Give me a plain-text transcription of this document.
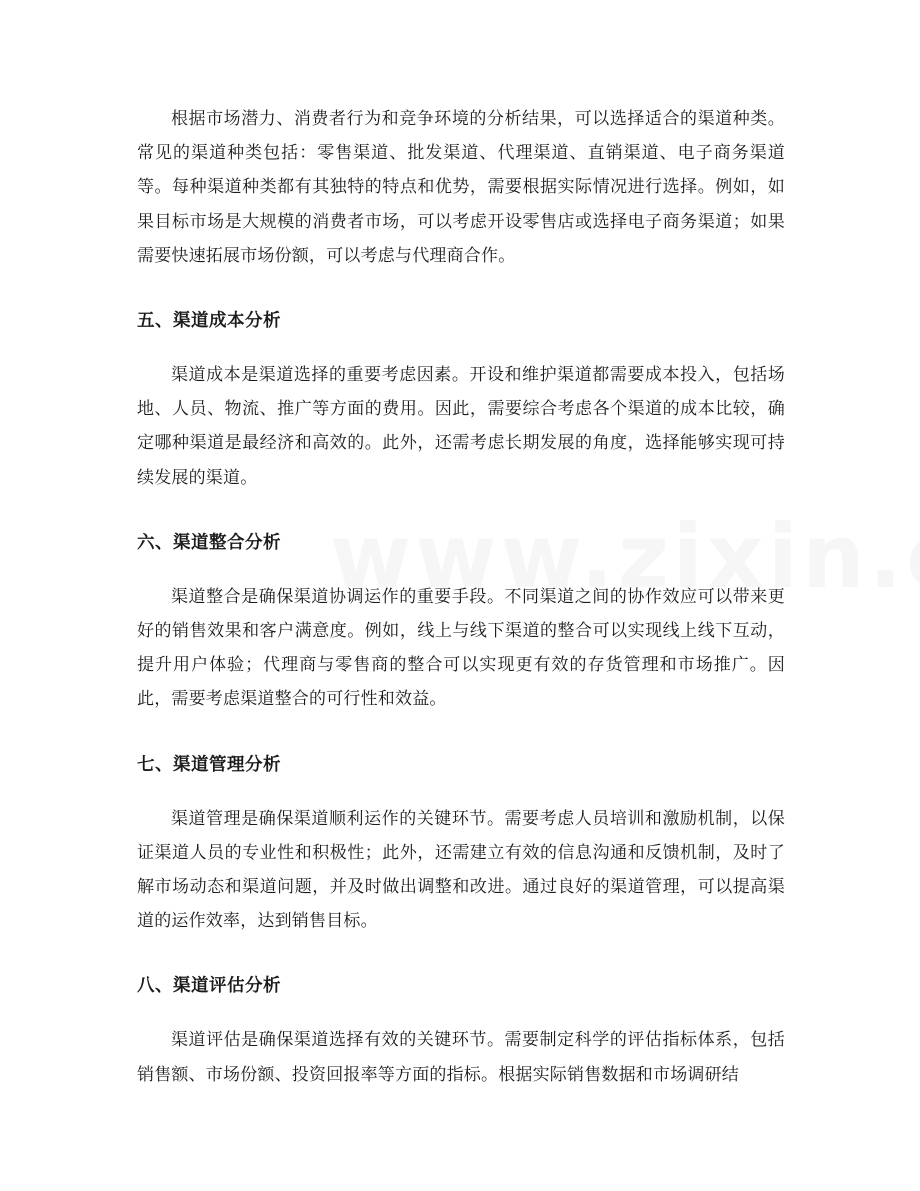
根据市场潜力、消费者行为和竞争环境的分析结果，可以选择适合的渠道种类。常见的渠道种类包括：零售渠道、批发渠道、代理渠道、直销渠道、电子商务渠道等。每种渠道种类都有其独特的特点和优势，需要根据实际情况进行选择。例如，如果目标市场是大规模的消费者市场，可以考虑开设零售店或选择电子商务渠道；如果需要快速拓展市场份额，可以考虑与代理商合作。

五、渠道成本分析

渠道成本是渠道选择的重要考虑因素。开设和维护渠道都需要成本投入，包括场地、人员、物流、推广等方面的费用。因此，需要综合考虑各个渠道的成本比较，确定哪种渠道是最经济和高效的。此外，还需考虑长期发展的角度，选择能够实现可持续发展的渠道。

六、渠道整合分析

渠道整合是确保渠道协调运作的重要手段。不同渠道之间的协作效应可以带来更好的销售效果和客户满意度。例如，线上与线下渠道的整合可以实现线上线下互动，提升用户体验；代理商与零售商的整合可以实现更有效的存货管理和市场推广。因此，需要考虑渠道整合的可行性和效益。

七、渠道管理分析

渠道管理是确保渠道顺利运作的关键环节。需要考虑人员培训和激励机制，以保证渠道人员的专业性和积极性；此外，还需建立有效的信息沟通和反馈机制，及时了解市场动态和渠道问题，并及时做出调整和改进。通过良好的渠道管理，可以提高渠道的运作效率，达到销售目标。

八、渠道评估分析

渠道评估是确保渠道选择有效的关键环节。需要制定科学的评估指标体系，包括销售额、市场份额、投资回报率等方面的指标。根据实际销售数据和市场调研结
